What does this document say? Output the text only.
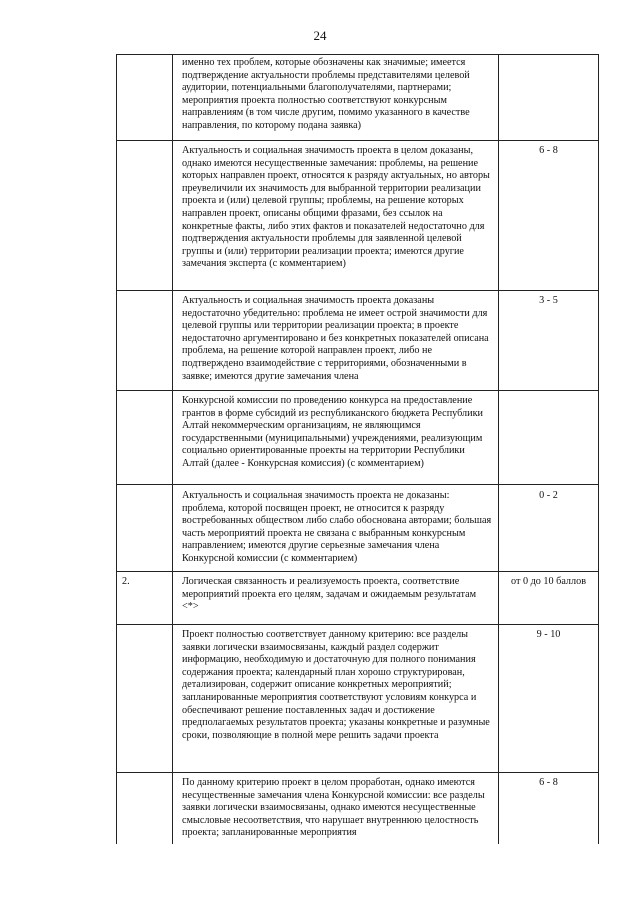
24
именно тех проблем, которые обозначены как значимые; имеется подтверждение актуальности проблемы представителями целевой аудитории, потенциальными благополучателями, партнерами; мероприятия проекта полностью соответствуют конкурсным направлениям (в том числе другим, помимо указанного в качестве направления, по которому подана заявка)
Актуальность и социальная значимость проекта в целом доказаны, однако имеются несущественные замечания: проблемы, на решение которых направлен проект, относятся к разряду актуальных, но авторы преувеличили их значимость для выбранной территории реализации проекта и (или) целевой группы; проблемы, на решение которых направлен проект, описаны общими фразами, без ссылок на конкретные факты, либо этих фактов и показателей недостаточно для подтверждения актуальности проблемы для заявленной целевой группы и (или) территории реализации проекта; имеются другие замечания эксперта (с комментарием)
6 - 8
Актуальность и социальная значимость проекта доказаны недостаточно убедительно: проблема не имеет острой значимости для целевой группы или территории реализации проекта; в проекте недостаточно аргументировано и без конкретных показателей описана проблема, на решение которой направлен проект, либо не подтверждено взаимодействие с территориями, обозначенными в заявке; имеются другие замечания члена
3 - 5
Конкурсной комиссии по проведению конкурса на предоставление грантов в форме субсидий из республиканского бюджета Республики Алтай некоммерческим организациям, не являющимся государственными (муниципальными) учреждениями, реализующим социально ориентированные проекты на территории Республики Алтай (далее - Конкурсная комиссия) (с комментарием)
Актуальность и социальная значимость проекта не доказаны: проблема, которой посвящен проект, не относится к разряду востребованных обществом либо слабо обоснована авторами; большая часть мероприятий проекта не связана с выбранным конкурсным направлением; имеются другие серьезные замечания члена Конкурсной комиссии (с комментарием)
0 - 2
2.	Логическая связанность и реализуемость проекта, соответствие мероприятий проекта его целям, задачам и ожидаемым результатам <*>
от 0 до 10 баллов
Проект полностью соответствует данному критерию: все разделы заявки логически взаимосвязаны, каждый раздел содержит информацию, необходимую и достаточную для полного понимания содержания проекта; календарный план хорошо структурирован, детализирован, содержит описание конкретных мероприятий; запланированные мероприятия соответствуют условиям конкурса и обеспечивают решение поставленных задач и достижение предполагаемых результатов проекта; указаны конкретные и разумные сроки, позволяющие в полной мере решить задачи проекта
9 - 10
По данному критерию проект в целом проработан, однако имеются несущественные замечания члена Конкурсной комиссии: все разделы заявки логически взаимосвязаны, однако имеются несущественные смысловые несоответствия, что нарушает внутреннюю целостность проекта; запланированные мероприятия
6 - 8
